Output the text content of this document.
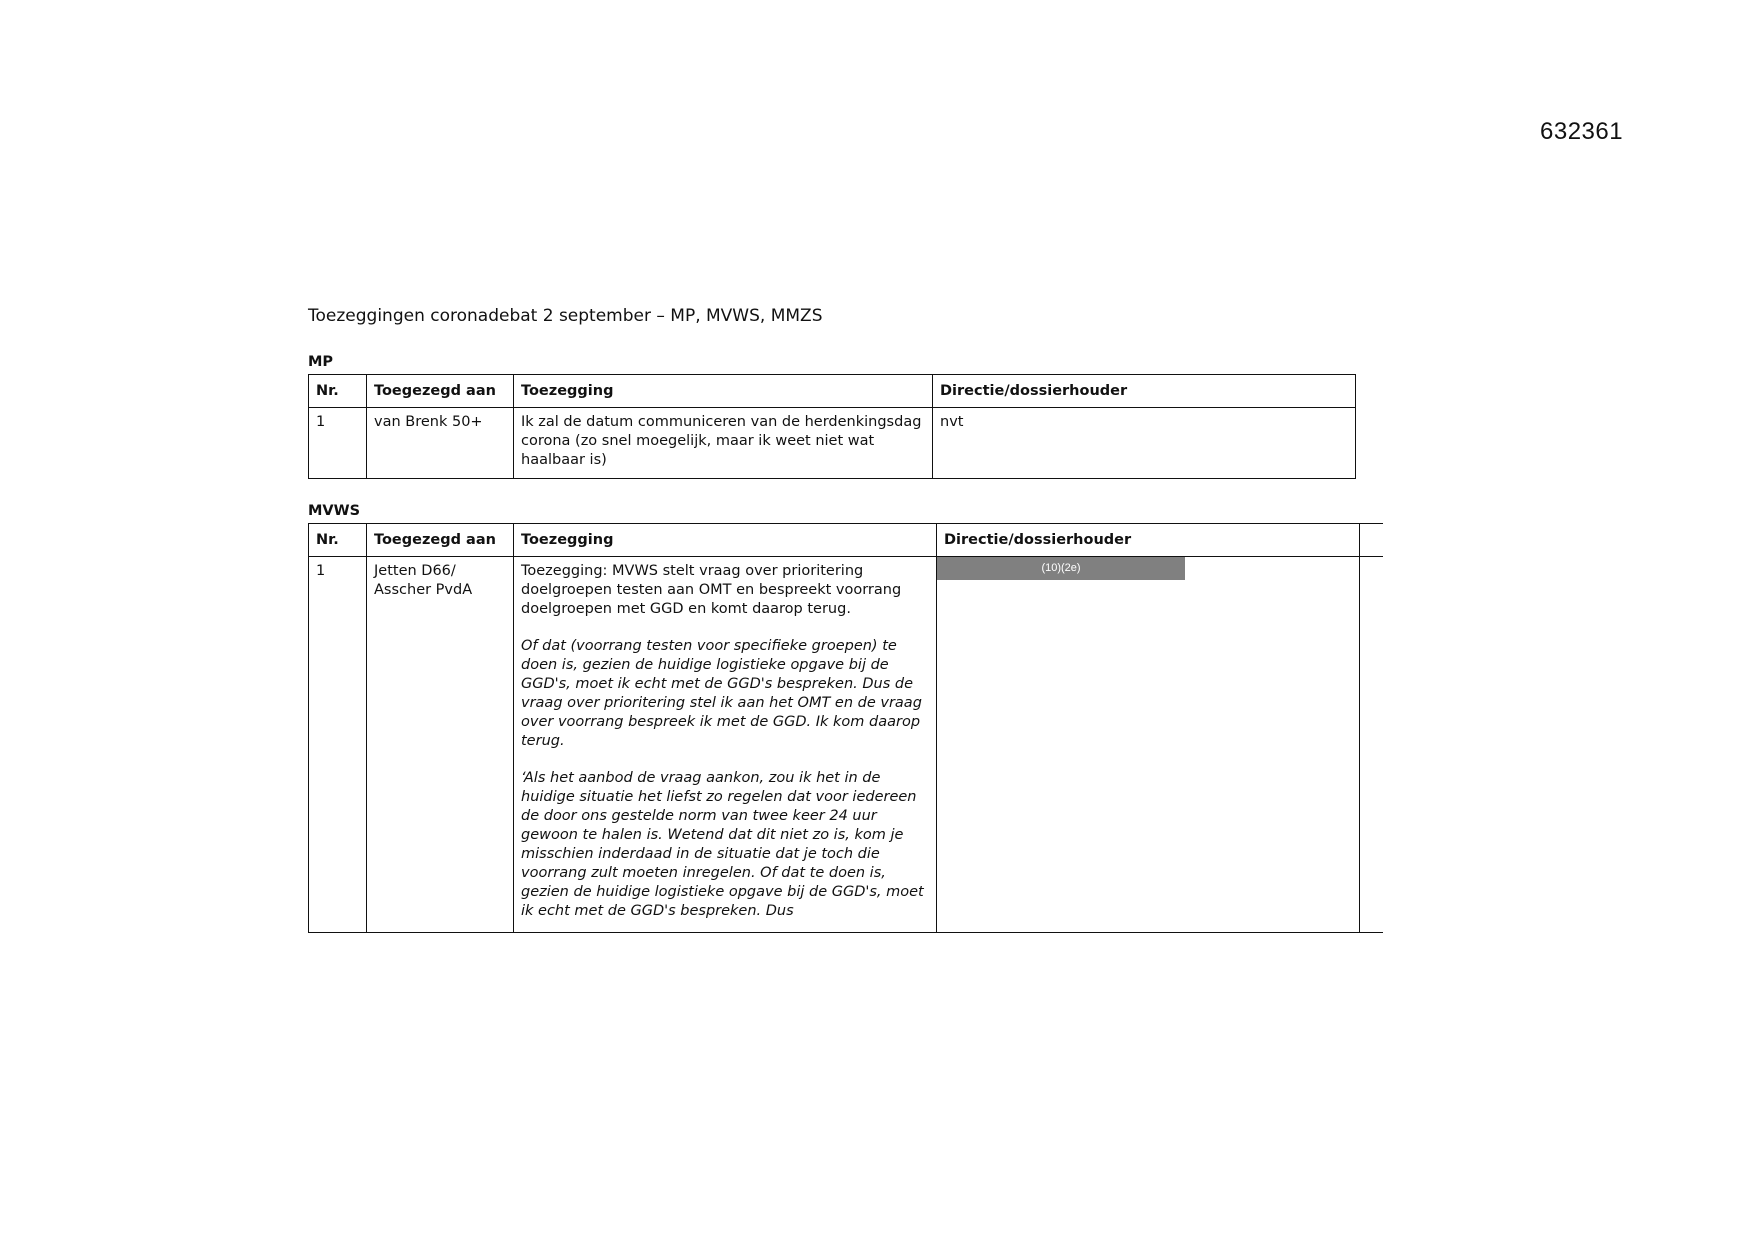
632361
Toezeggingen coronadebat 2 september – MP, MVWS, MMZS
MP
Nr.	Toegezegd aan	Toezegging	Directie/dossierhouder
1	van Brenk 50+	Ik zal de datum communiceren van de herdenkingsdag corona (zo snel moegelijk, maar ik weet niet wat haalbaar is)	nvt
MVWS
Nr.	Toegezegd aan	Toezegging	Directie/dossierhouder	
1	Jetten D66/ Asscher PvdA	Toezegging: MVWS stelt vraag over prioritering doelgroepen testen aan OMT en bespreekt voorrang doelgroepen met GGD en komt daarop terug.

Of dat (voorrang testen voor specifieke groepen) te doen is, gezien de huidige logistieke opgave bij de GGD's, moet ik echt met de GGD's bespreken. Dus de vraag over prioritering stel ik aan het OMT en de vraag over voorrang bespreek ik met de GGD. Ik kom daarop terug.

‘Als het aanbod de vraag aankon, zou ik het in de huidige situatie het liefst zo regelen dat voor iedereen de door ons gestelde norm van twee keer 24 uur gewoon te halen is. Wetend dat dit niet zo is, kom je misschien inderdaad in de situatie dat je toch die voorrang zult moeten inregelen. Of dat te doen is, gezien de huidige logistieke opgave bij de GGD's, moet ik echt met de GGD's bespreken. Dus	(10)(2e)	
